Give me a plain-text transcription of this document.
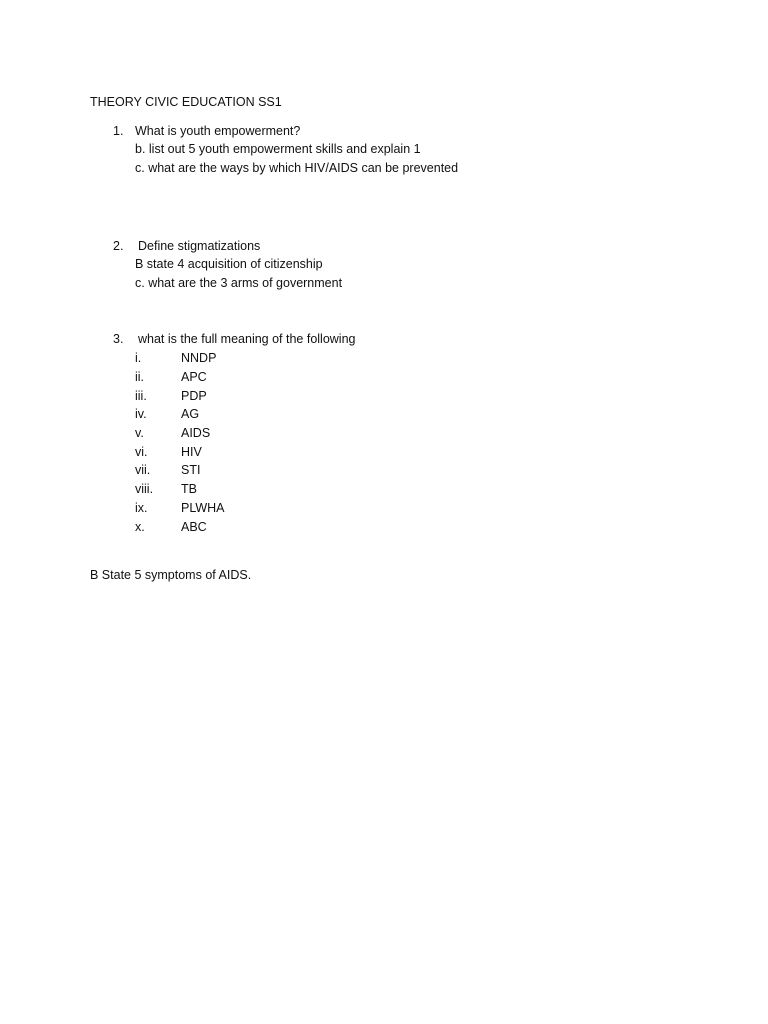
THEORY CIVIC EDUCATION SS1
1. What is youth empowerment?
b. list out 5 youth empowerment skills and explain 1
c. what are the ways by which HIV/AIDS can be prevented
2. Define stigmatizations
B state 4 acquisition of citizenship
c. what are the 3 arms of government
3. what is the full meaning of the following
i.	NNDP
ii.	APC
iii.	PDP
iv.	AG
v.	AIDS
vi.	HIV
vii. STI
viii. TB
ix.	PLWHA
x.	ABC
B State 5 symptoms of AIDS.
